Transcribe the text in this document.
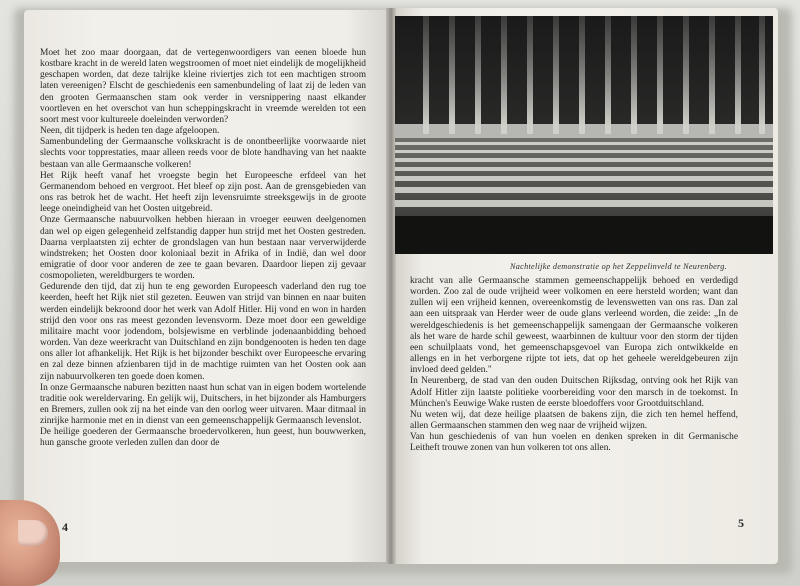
Moet het zoo maar doorgaan, dat de vertegenwoordigers van eenen bloede hun kostbare kracht in de wereld laten wegstroomen of moet niet eindelijk de mogelijkheid geschapen worden, dat deze talrijke kleine riviertjes zich tot een machtigen stroom laten vereenigen? Elscht de geschiedenis een samenbundeling of laat zij de leden van den grooten Germaanschen stam ook verder in versnippering naast elkander voortleven en het overschot van hun scheppingskracht in vreemde werelden tot een soort mest voor kultureele doeleinden verworden?

Neen, dit tijdperk is heden ten dage afgeloopen.

Samenbundeling der Germaansche volkskracht is de onontbeerlijke voorwaarde niet slechts voor topprestaties, maar alleen reeds voor de blote handhaving van het naakte bestaan van alle Germaansche volkeren!

Het Rijk heeft vanaf het vroegste begin het Europeesche erfdeel van het Germanendom behoed en vergroot. Het bleef op zijn post. Aan de grensgebieden van ons ras betrok het de wacht. Het heeft zijn levensruimte streeksgewijs in de groote leege oneindigheid van het Oosten uitgebreid.

Onze Germaansche nabuurvolken hebben hieraan in vroeger eeuwen deelgenomen dan wel op eigen gelegenheid zelfstandig dapper hun strijd met het Oosten gestreden. Daarna verplaatsten zij echter de grondslagen van hun bestaan naar ververwijderde windstreken; het Oosten door koloniaal bezit in Afrika of in Indië, dan wel door emigratie of door voor anderen de zee te gaan bevaren. Daardoor liepen zij gevaar cosmopolieten, wereldburgers te worden.

Gedurende den tijd, dat zij hun te eng geworden Europeesch vaderland den rug toe keerden, heeft het Rijk niet stil gezeten. Eeuwen van strijd van binnen en naar buiten werden eindelijk bekroond door het werk van Adolf Hitler. Hij vond en won in harden strijd den voor ons ras meest gezonden levensvorm. Deze moet door een geweldige militaire macht voor jodendom, bolsjewisme en verblinde jodenaanbidding behoed worden. Van deze weerkracht van Duitschland en zijn bondgenooten is heden ten dage ons aller lot afhankelijk. Het Rijk is het bijzonder beschikt over Europeesche ervaring en zal deze binnen afzienbaren tijd in de machtige ruimten van het Oosten ook aan zijn nabuurvolkeren ten goede doen komen.

In onze Germaansche naburen bezitten naast hun schat van in eigen bodem wortelende traditie ook wereldervaring. En gelijk wij, Duitschers, in het bijzonder als Hamburgers en Bremers, zullen ook zij na het einde van den oorlog weer uitvaren. Maar ditmaal in zinrijke harmonie met en in dienst van een gemeenschappelijk Germaansch levenslot.

De heilige goederen der Germaansche broedervolkeren, hun geest, hun bouwwerken, hun gansche groote verleden zullen dan door de

4
Nachtelijke demonstratie op het Zeppelinveld te Neurenberg.

kracht van alle Germaansche stammen gemeenschappelijk behoed en verdedigd worden. Zoo zal de oude vrijheid weer volkomen en eere hersteld worden; want dan zullen wij een vrijheid kennen, overeenkomstig de levenswetten van ons ras. Dan zal aan een uitspraak van Herder weer de oude glans verleend worden, die zeide: „In de wereldgeschiedenis is het gemeenschappelijk samengaan der Germaansche volkeren als het ware de harde schil geweest, waarbinnen de kultuur voor den storm der tijden een schuilplaats vond, het gemeenschapsgevoel van Europa zich ontwikkelde en allengs en in het verborgene rijpte tot iets, dat op het geheele wereldgebeuren zijn invloed deed gelden."

In Neurenberg, de stad van den ouden Duitschen Rijksdag, ontving ook het Rijk van Adolf Hitler zijn laatste politieke voorbereiding voor den marsch in de toekomst. In München's Eeuwige Wake rusten de eerste bloedoffers voor Grootduitschland.

Nu weten wij, dat deze heilige plaatsen de bakens zijn, die zich ten hemel heffend, allen Germaanschen stammen den weg naar de vrijheid wijzen.

Van hun geschiedenis of van hun voelen en denken spreken in dit Germanische Leitheft trouwe zonen van hun volkeren tot ons allen.

5
